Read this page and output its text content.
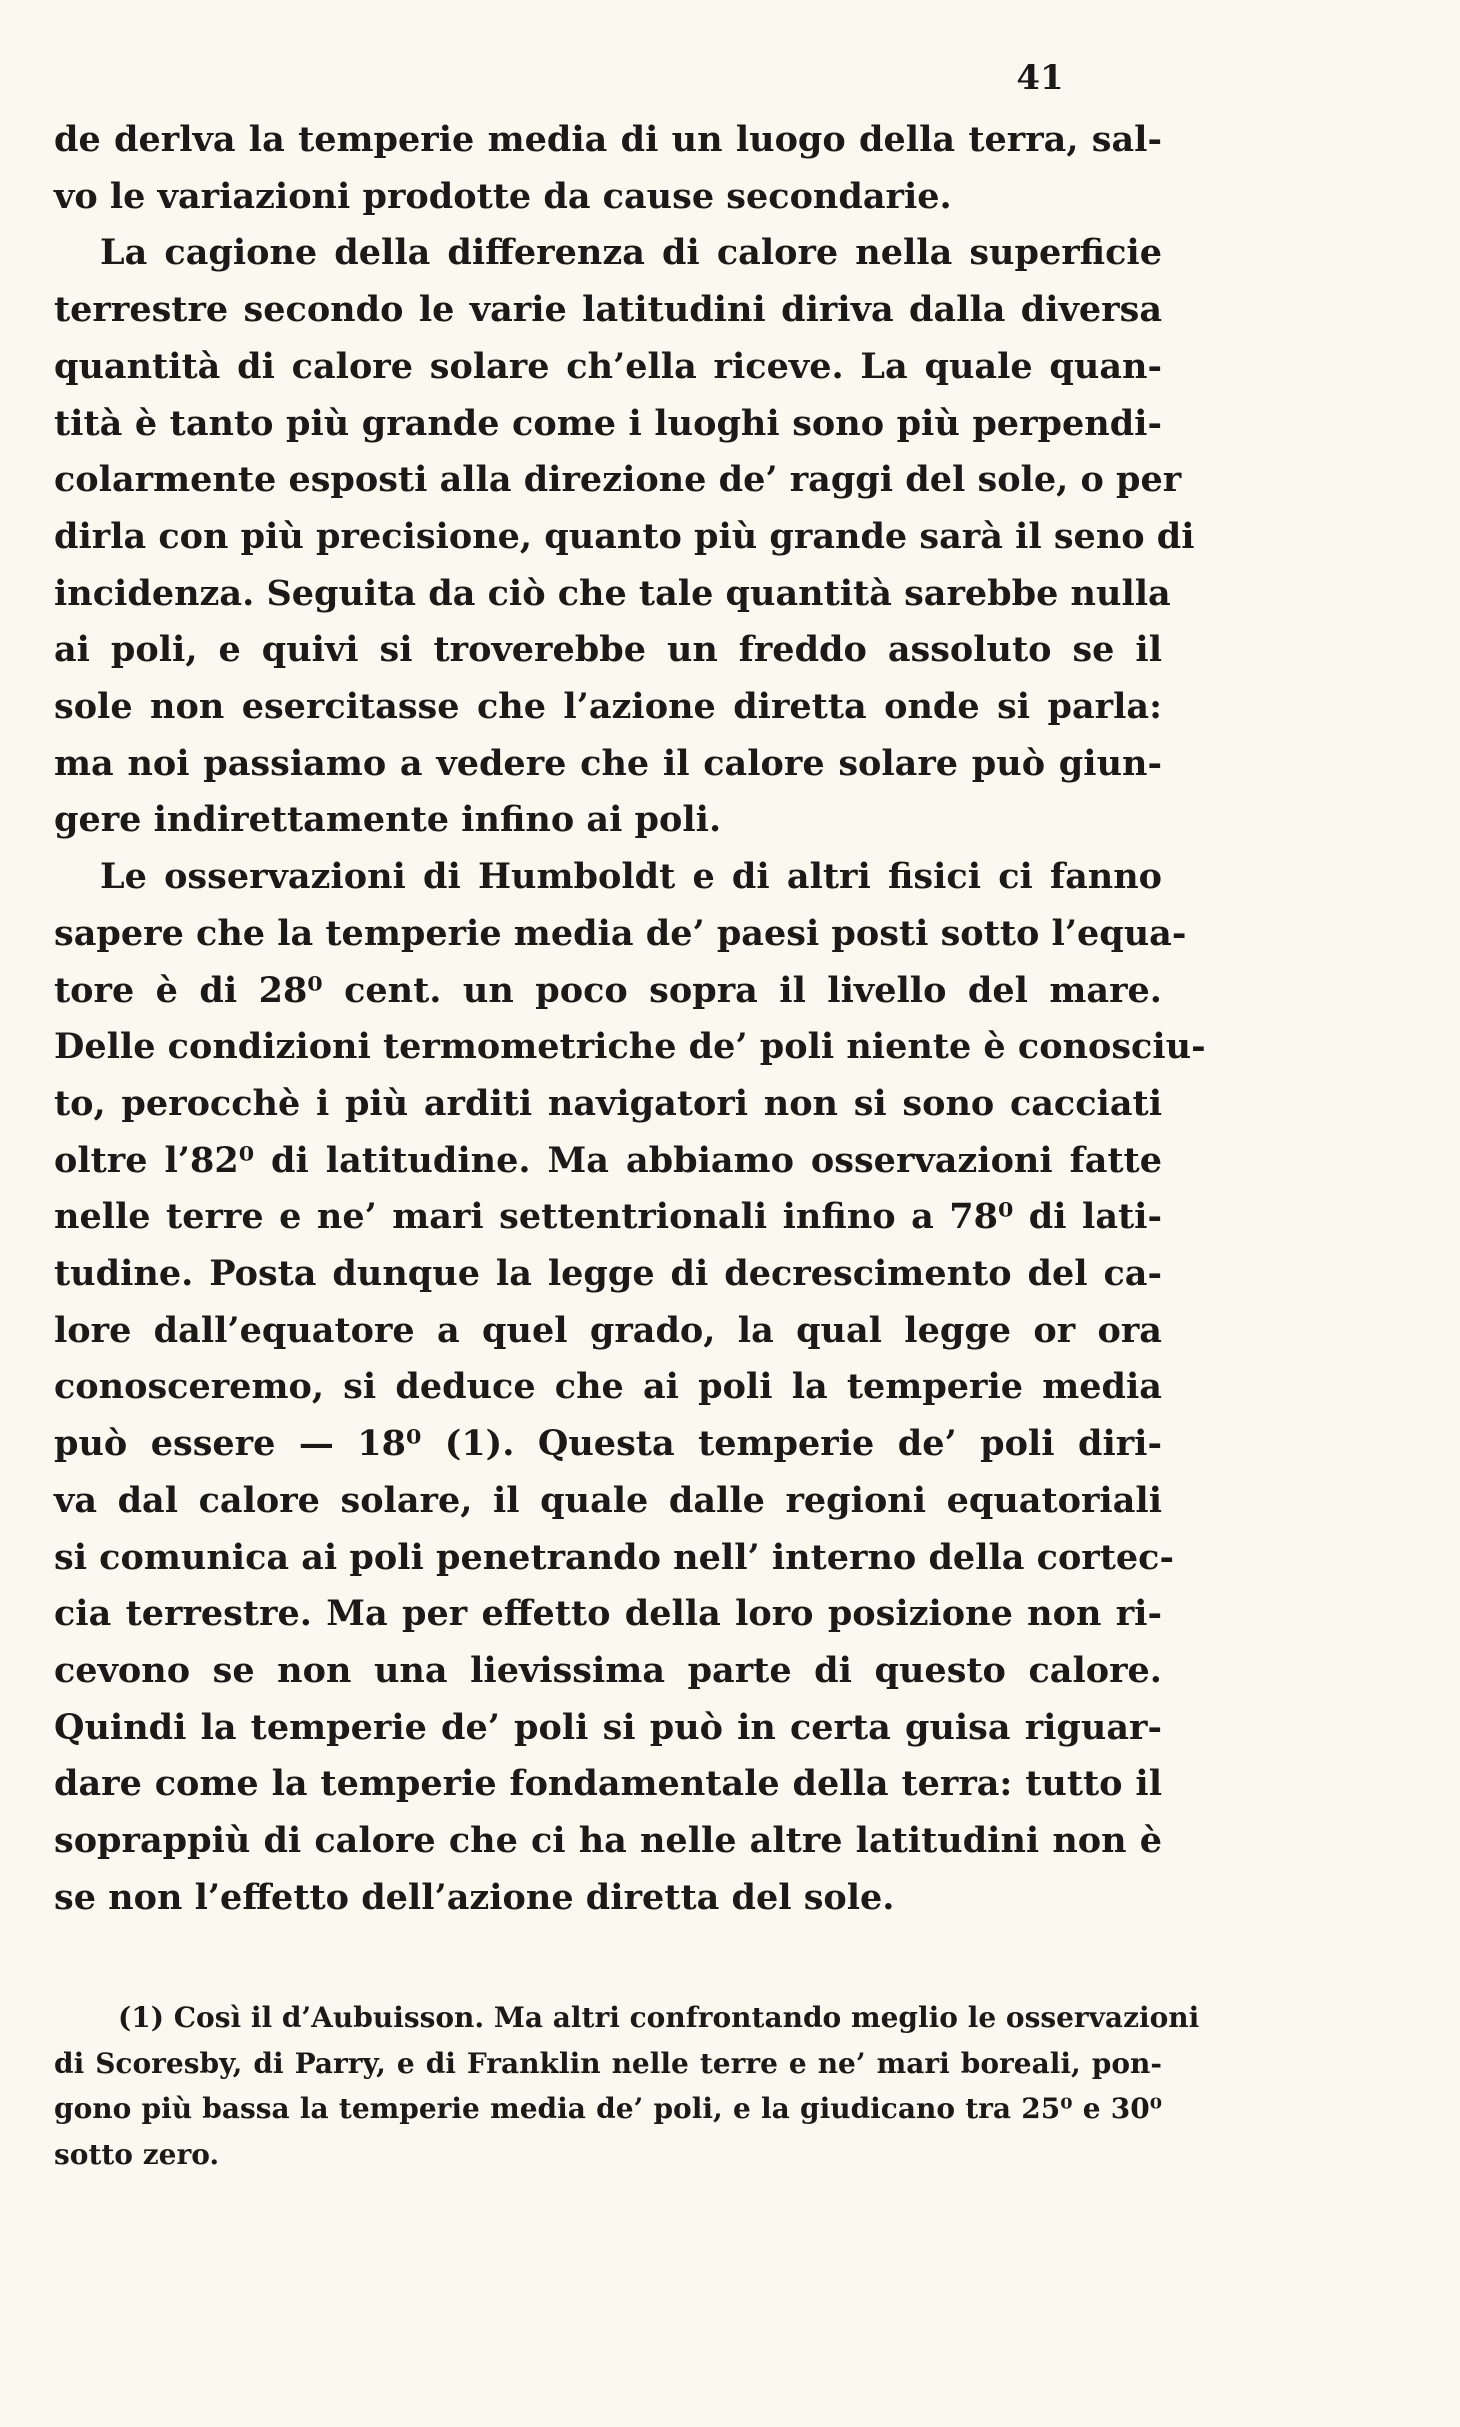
41
de derlva la temperie media di un luogo della terra, sal-
vo le variazioni prodotte da cause secondarie.
La cagione della differenza di calore nella superficie
terrestre secondo le varie latitudini diriva dalla diversa
quantità di calore solare ch’ella riceve. La quale quan-
tità è tanto più grande come i luoghi sono più perpendi-
colarmente esposti alla direzione de’ raggi del sole, o per
dirla con più precisione, quanto più grande sarà il seno di
incidenza. Seguita da ciò che tale quantità sarebbe nulla
ai poli, e quivi si troverebbe un freddo assoluto se il
sole non esercitasse che l’azione diretta onde si parla:
ma noi passiamo a vedere che il calore solare può giun-
gere indirettamente infino ai poli.
Le osservazioni di Humboldt e di altri fisici ci fanno
sapere che la temperie media de’ paesi posti sotto l’equa-
tore è di 28⁰ cent. un poco sopra il livello del mare.
Delle condizioni termometriche de’ poli niente è conosciu-
to, perocchè i più arditi navigatori non si sono cacciati
oltre l’82⁰ di latitudine. Ma abbiamo osservazioni fatte
nelle terre e ne’ mari settentrionali infino a 78⁰ di lati-
tudine. Posta dunque la legge di decrescimento del ca-
lore dall’equatore a quel grado, la qual legge or ora
conosceremo, si deduce che ai poli la temperie media
può essere — 18⁰ (1). Questa temperie de’ poli diri-
va dal calore solare, il quale dalle regioni equatoriali
si comunica ai poli penetrando nell’ interno della cortec-
cia terrestre. Ma per effetto della loro posizione non ri-
cevono se non una lievissima parte di questo calore.
Quindi la temperie de’ poli si può in certa guisa riguar-
dare come la temperie fondamentale della terra: tutto il
soprappiù di calore che ci ha nelle altre latitudini non è
se non l’effetto dell’azione diretta del sole.
(1) Così il d’Aubuisson. Ma altri confrontando meglio le osservazioni
di Scoresby, di Parry, e di Franklin nelle terre e ne’ mari boreali, pon-
gono più bassa la temperie media de’ poli, e la giudicano tra 25⁰ e 30⁰
sotto zero.
